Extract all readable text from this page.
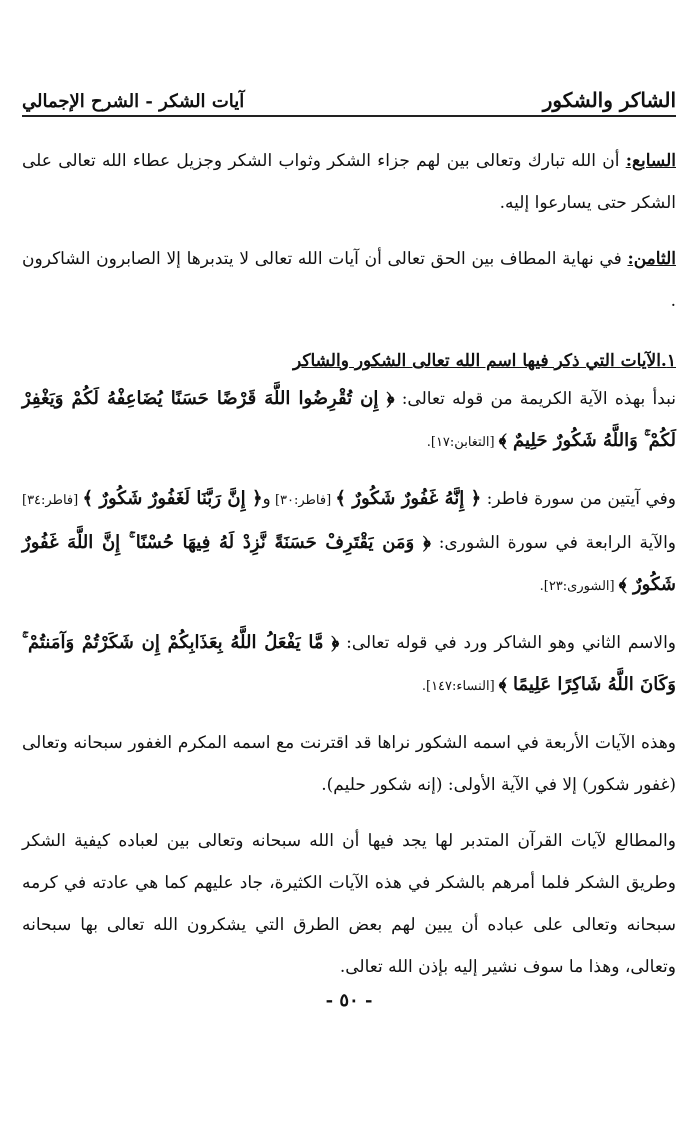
الشاكر والشكور
آيات الشكر - الشرح الإجمالي

السابع: أن الله تبارك وتعالى بين لهم جزاء الشكر وثواب الشكر وجزيل عطاء الله تعالى على الشكر حتى يسارعوا إليه.

الثامن: في نهاية المطاف بين الحق تعالى أن آيات الله تعالى لا يتدبرها إلا الصابرون الشاكرون .

١.الآيات التي ذكر فيها اسم الله تعالى الشكور والشاكر

نبدأ بهذه الآية الكريمة من قوله تعالى: ﴿ إِن تُقْرِضُوا اللَّهَ قَرْضًا حَسَنًا يُضَاعِفْهُ لَكُمْ وَيَغْفِرْ لَكُمْ ۚ وَاللَّهُ شَكُورٌ حَلِيمٌ ﴾ [التغابن:١٧].

وفي آيتين من سورة فاطر: ﴿ إِنَّهُ غَفُورٌ شَكُورٌ ﴾ [فاطر:٣٠] و﴿ إِنَّ رَبَّنَا لَغَفُورٌ شَكُورٌ ﴾ [فاطر:٣٤] والآية الرابعة في سورة الشورى: ﴿ وَمَن يَقْتَرِفْ حَسَنَةً نَّزِدْ لَهُ فِيهَا حُسْنًا ۚ إِنَّ اللَّهَ غَفُورٌ شَكُورٌ ﴾ [الشورى:٢٣].

والاسم الثاني وهو الشاكر ورد في قوله تعالى: ﴿ مَّا يَفْعَلُ اللَّهُ بِعَذَابِكُمْ إِن شَكَرْتُمْ وَآمَنتُمْ ۚ وَكَانَ اللَّهُ شَاكِرًا عَلِيمًا ﴾ [النساء:١٤٧].

وهذه الآيات الأربعة في اسمه الشكور نراها قد اقترنت مع اسمه المكرم الغفور سبحانه وتعالى (غفور شكور) إلا في الآية الأولى: (إنه شكور حليم).

والمطالع لآيات القرآن المتدبر لها يجد فيها أن الله سبحانه وتعالى بين لعباده كيفية الشكر وطريق الشكر فلما أمرهم بالشكر في هذه الآيات الكثيرة، جاد عليهم كما هي عادته في كرمه سبحانه وتعالى على عباده أن يبين لهم بعض الطرق التي يشكرون الله تعالى بها سبحانه وتعالى، وهذا ما سوف نشير إليه بإذن الله تعالى.

- ٥٠ -
